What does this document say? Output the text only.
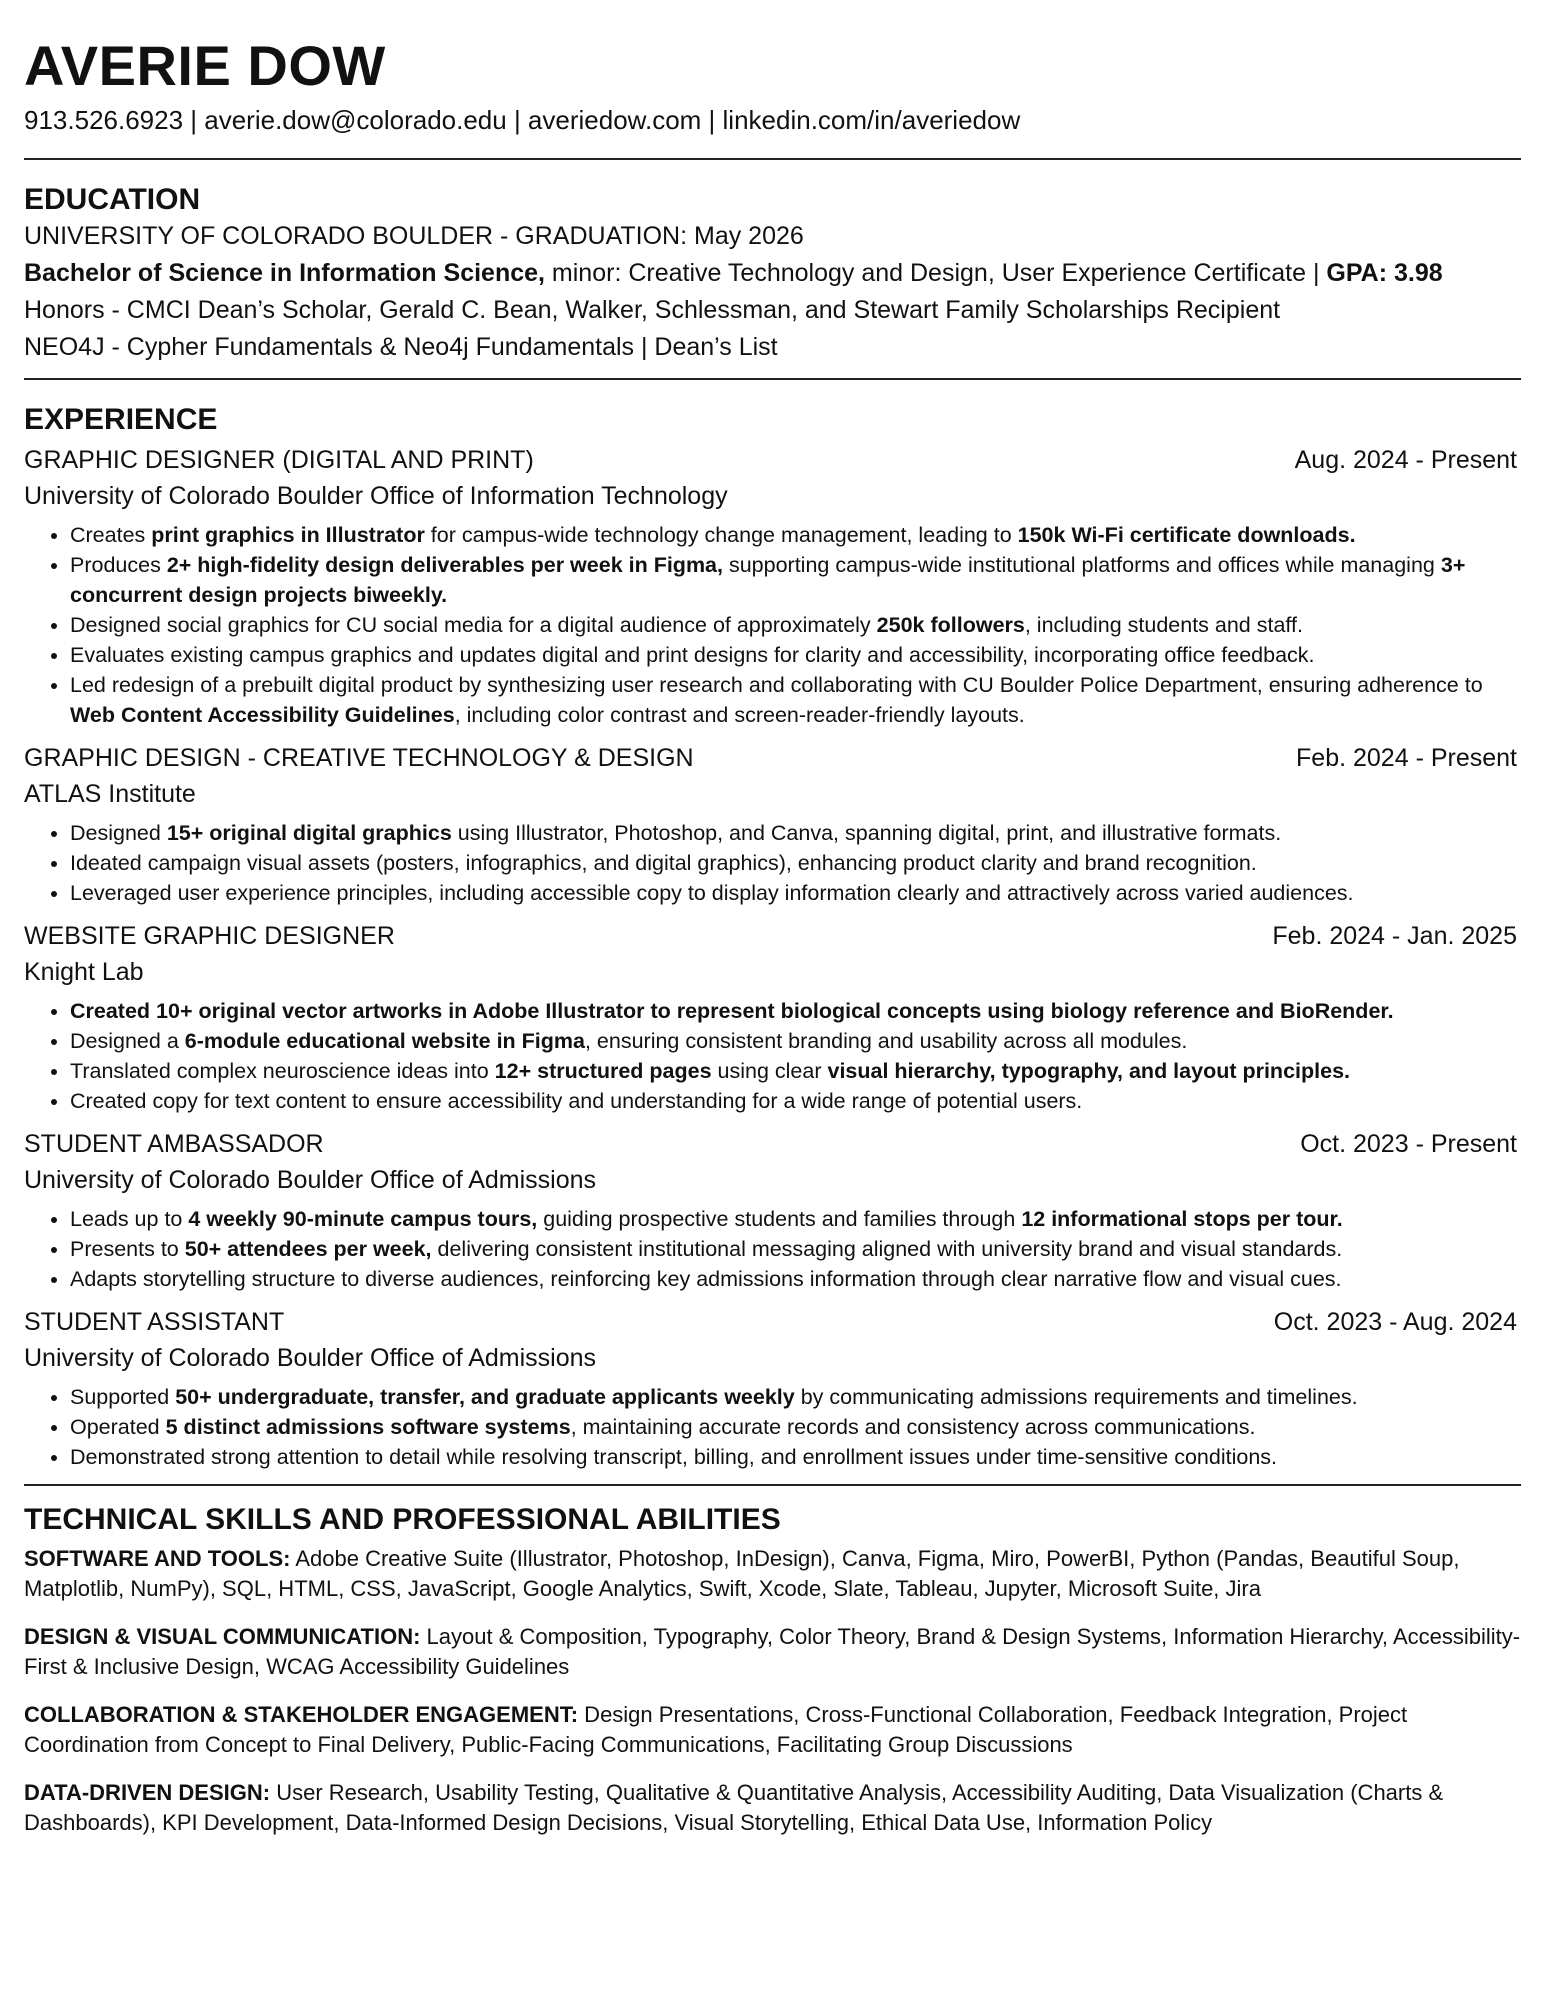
AVERIE DOW
913.526.6923 | averie.dow@colorado.edu | averiedow.com | linkedin.com/in/averiedow
EDUCATION
UNIVERSITY OF COLORADO BOULDER - GRADUATION: May 2026
Bachelor of Science in Information Science, minor: Creative Technology and Design, User Experience Certificate | GPA: 3.98
Honors - CMCI Dean’s Scholar, Gerald C. Bean, Walker, Schlessman, and Stewart Family Scholarships Recipient
NEO4J - Cypher Fundamentals & Neo4j Fundamentals | Dean’s List
EXPERIENCE
GRAPHIC DESIGNER (DIGITAL AND PRINT)	Aug. 2024 - Present
University of Colorado Boulder Office of Information Technology
• Creates print graphics in Illustrator for campus-wide technology change management, leading to 150k Wi-Fi certificate downloads.
• Produces 2+ high-fidelity design deliverables per week in Figma, supporting campus-wide institutional platforms and offices while managing 3+ concurrent design projects biweekly.
• Designed social graphics for CU social media for a digital audience of approximately 250k followers, including students and staff.
• Evaluates existing campus graphics and updates digital and print designs for clarity and accessibility, incorporating office feedback.
• Led redesign of a prebuilt digital product by synthesizing user research and collaborating with CU Boulder Police Department, ensuring adherence to Web Content Accessibility Guidelines, including color contrast and screen-reader-friendly layouts.
GRAPHIC DESIGN - CREATIVE TECHNOLOGY & DESIGN	Feb. 2024 - Present
ATLAS Institute
• Designed 15+ original digital graphics using Illustrator, Photoshop, and Canva, spanning digital, print, and illustrative formats.
• Ideated campaign visual assets (posters, infographics, and digital graphics), enhancing product clarity and brand recognition.
• Leveraged user experience principles, including accessible copy to display information clearly and attractively across varied audiences.
WEBSITE GRAPHIC DESIGNER	Feb. 2024 - Jan. 2025
Knight Lab
• Created 10+ original vector artworks in Adobe Illustrator to represent biological concepts using biology reference and BioRender.
• Designed a 6-module educational website in Figma, ensuring consistent branding and usability across all modules.
• Translated complex neuroscience ideas into 12+ structured pages using clear visual hierarchy, typography, and layout principles.
• Created copy for text content to ensure accessibility and understanding for a wide range of potential users.
STUDENT AMBASSADOR	Oct. 2023 - Present
University of Colorado Boulder Office of Admissions
• Leads up to 4 weekly 90-minute campus tours, guiding prospective students and families through 12 informational stops per tour.
• Presents to 50+ attendees per week, delivering consistent institutional messaging aligned with university brand and visual standards.
• Adapts storytelling structure to diverse audiences, reinforcing key admissions information through clear narrative flow and visual cues.
STUDENT ASSISTANT	Oct. 2023 - Aug. 2024
University of Colorado Boulder Office of Admissions
• Supported 50+ undergraduate, transfer, and graduate applicants weekly by communicating admissions requirements and timelines.
• Operated 5 distinct admissions software systems, maintaining accurate records and consistency across communications.
• Demonstrated strong attention to detail while resolving transcript, billing, and enrollment issues under time-sensitive conditions.
TECHNICAL SKILLS AND PROFESSIONAL ABILITIES

SOFTWARE AND TOOLS: Adobe Creative Suite (Illustrator, Photoshop, InDesign), Canva, Figma, Miro, PowerBI, Python (Pandas, Beautiful Soup, Matplotlib, NumPy), SQL, HTML, CSS, JavaScript, Google Analytics, Swift, Xcode, Slate, Tableau, Jupyter, Microsoft Suite, Jira

DESIGN & VISUAL COMMUNICATION: Layout & Composition, Typography, Color Theory, Brand & Design Systems, Information Hierarchy, Accessibility-First & Inclusive Design, WCAG Accessibility Guidelines

COLLABORATION & STAKEHOLDER ENGAGEMENT: Design Presentations, Cross-Functional Collaboration, Feedback Integration, Project Coordination from Concept to Final Delivery, Public-Facing Communications, Facilitating Group Discussions

DATA-DRIVEN DESIGN: User Research, Usability Testing, Qualitative & Quantitative Analysis, Accessibility Auditing, Data Visualization (Charts & Dashboards), KPI Development, Data-Informed Design Decisions, Visual Storytelling, Ethical Data Use, Information Policy
